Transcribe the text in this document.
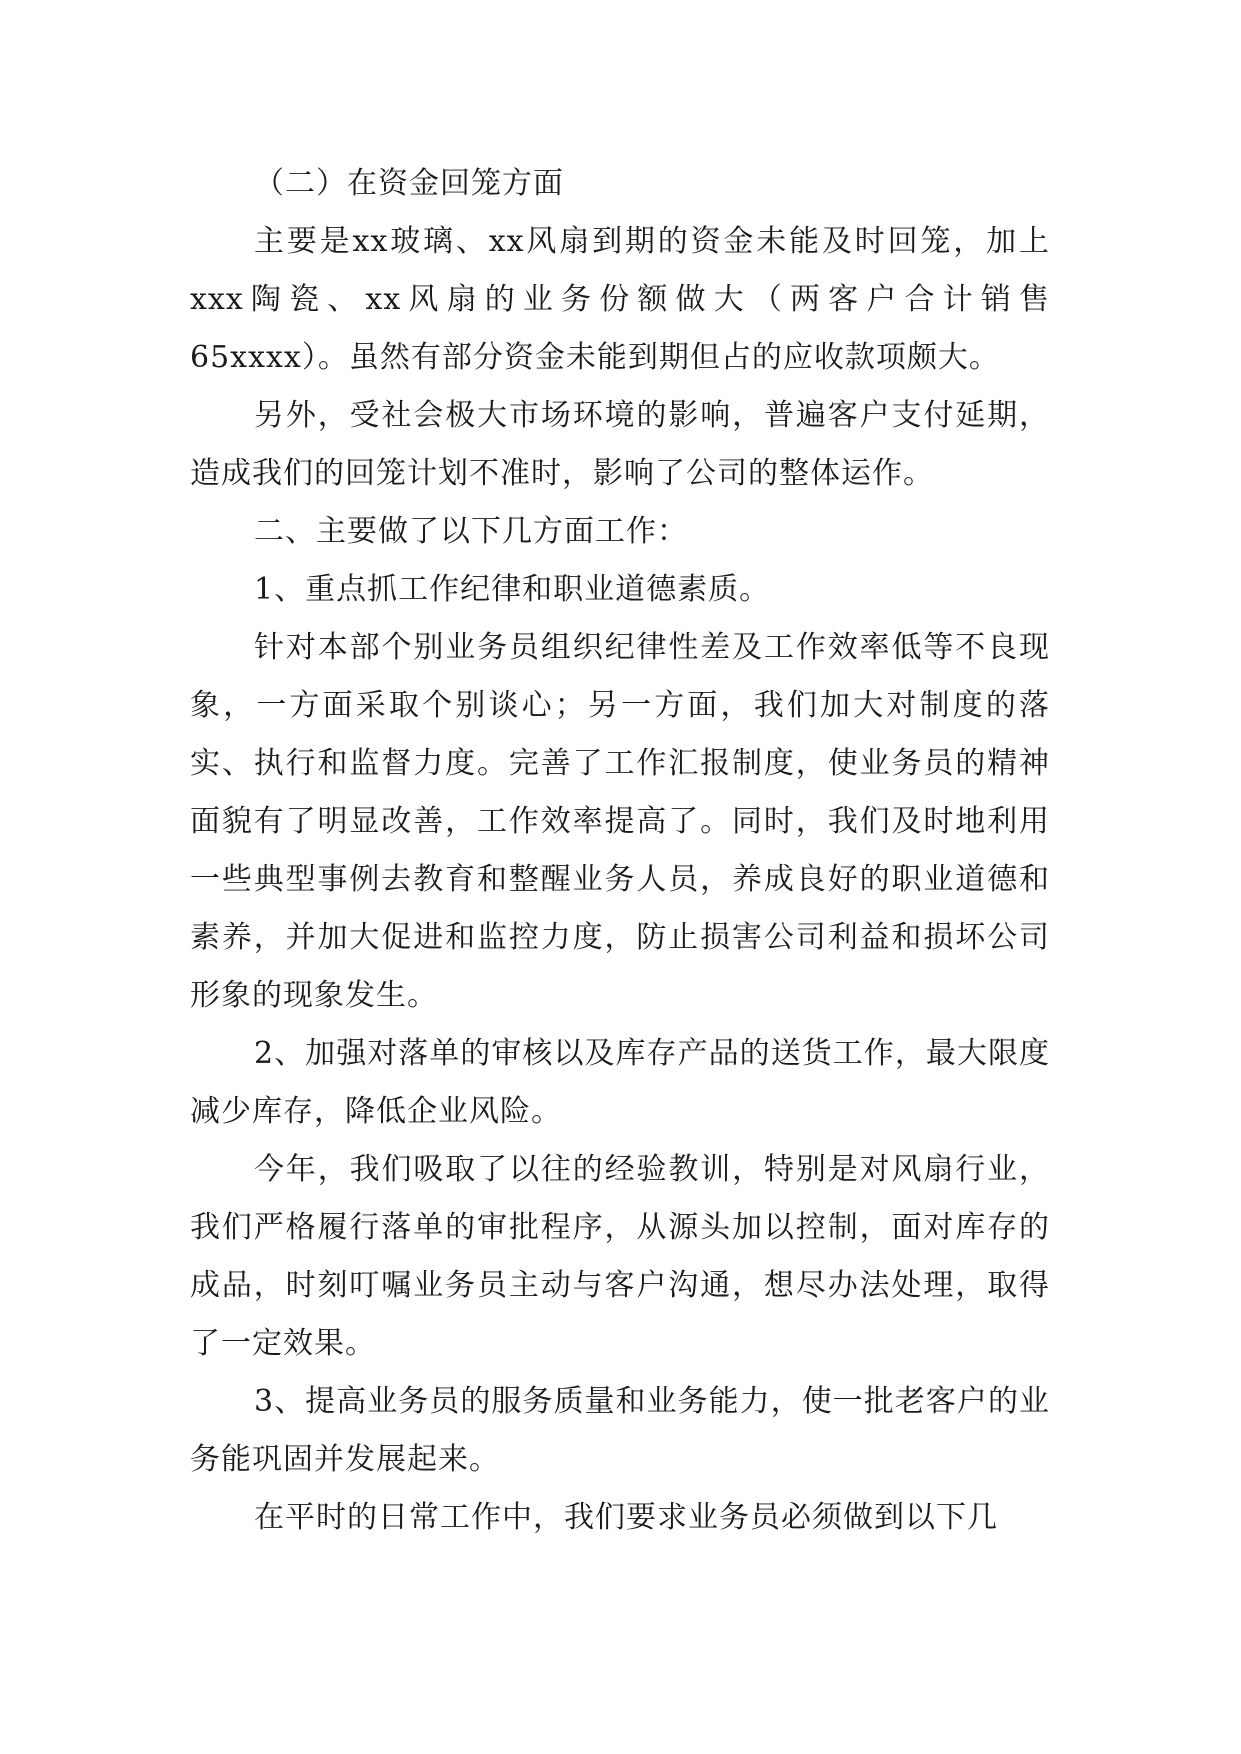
（二）在资金回笼方面

主要是xx玻璃、xx风扇到期的资金未能及时回笼，加上xxx陶瓷、xx风扇的业务份额做大（两客户合计销售65xxxx）。虽然有部分资金未能到期但占的应收款项颇大。

另外，受社会极大市场环境的影响，普遍客户支付延期，造成我们的回笼计划不准时，影响了公司的整体运作。

二、主要做了以下几方面工作：

1、重点抓工作纪律和职业道德素质。

针对本部个别业务员组织纪律性差及工作效率低等不良现象，一方面采取个别谈心；另一方面，我们加大对制度的落实、执行和监督力度。完善了工作汇报制度，使业务员的精神面貌有了明显改善，工作效率提高了。同时，我们及时地利用一些典型事例去教育和整醒业务人员，养成良好的职业道德和素养，并加大促进和监控力度，防止损害公司利益和损坏公司形象的现象发生。

2、加强对落单的审核以及库存产品的送货工作，最大限度减少库存，降低企业风险。

今年，我们吸取了以往的经验教训，特别是对风扇行业，我们严格履行落单的审批程序，从源头加以控制，面对库存的成品，时刻叮嘱业务员主动与客户沟通，想尽办法处理，取得了一定效果。

3、提高业务员的服务质量和业务能力，使一批老客户的业务能巩固并发展起来。

在平时的日常工作中，我们要求业务员必须做到以下几
